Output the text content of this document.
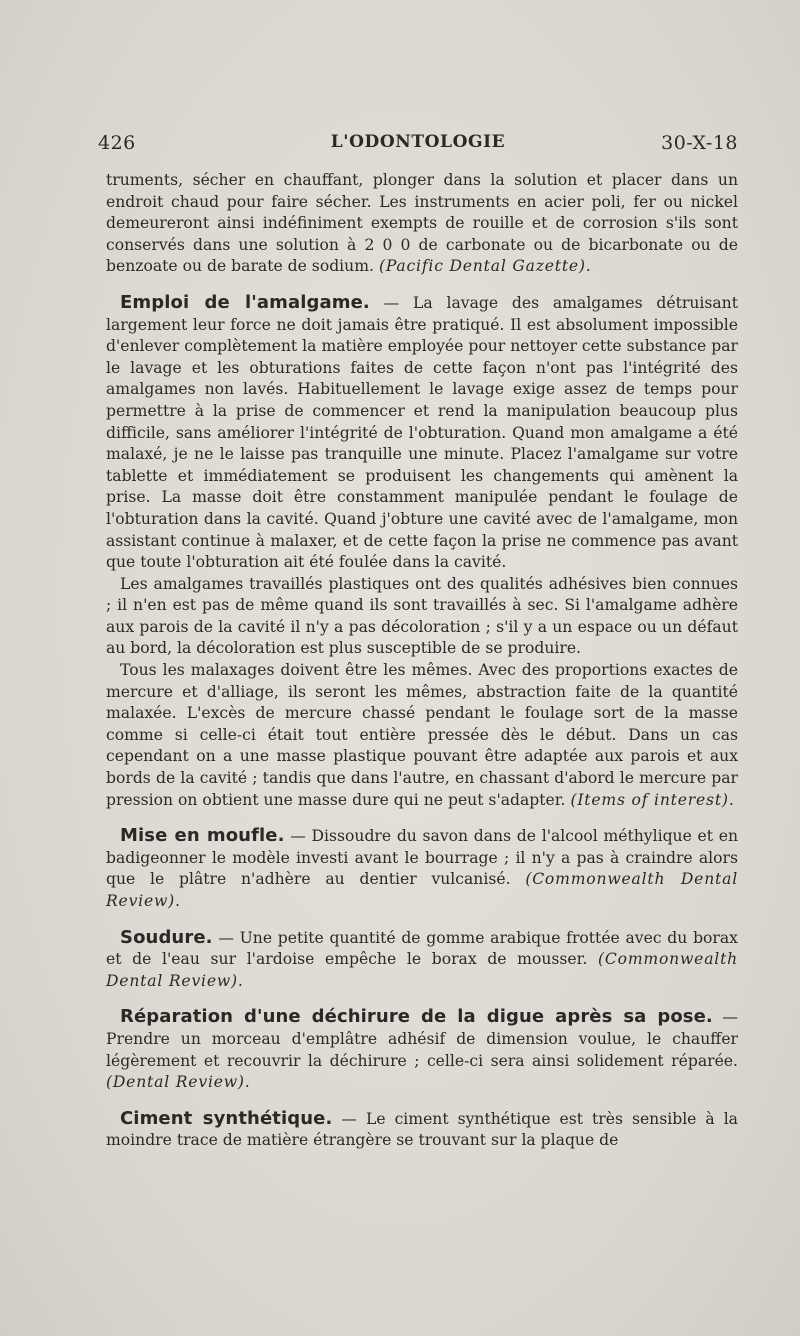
426	L'ODONTOLOGIE	30-X-18

truments, sécher en chauffant, plonger dans la solution et placer dans un endroit chaud pour faire sécher. Les instruments en acier poli, fer ou nickel demeureront ainsi indéfiniment exempts de rouille et de corrosion s'ils sont conservés dans une solution à 2 0 0 de carbonate ou de bicarbonate ou de benzoate ou de barate de sodium. (Pacific Dental Gazette).

Emploi de l'amalgame. — La lavage des amalgames détruisant largement leur force ne doit jamais être pratiqué. Il est absolument impossible d'enlever complètement la matière employée pour nettoyer cette substance par le lavage et les obturations faites de cette façon n'ont pas l'intégrité des amalgames non lavés. Habituellement le lavage exige assez de temps pour permettre à la prise de commencer et rend la manipulation beaucoup plus difficile, sans améliorer l'intégrité de l'obturation. Quand mon amalgame a été malaxé, je ne le laisse pas tranquille une minute. Placez l'amalgame sur votre tablette et immédiatement se produisent les changements qui amènent la prise. La masse doit être constamment manipulée pendant le foulage de l'obturation dans la cavité. Quand j'obture une cavité avec de l'amalgame, mon assistant continue à malaxer, et de cette façon la prise ne commence pas avant que toute l'obturation ait été foulée dans la cavité.

Les amalgames travaillés plastiques ont des qualités adhésives bien connues ; il n'en est pas de même quand ils sont travaillés à sec. Si l'amalgame adhère aux parois de la cavité il n'y a pas décoloration ; s'il y a un espace ou un défaut au bord, la décoloration est plus susceptible de se produire.

Tous les malaxages doivent être les mêmes. Avec des proportions exactes de mercure et d'alliage, ils seront les mêmes, abstraction faite de la quantité malaxée. L'excès de mercure chassé pendant le foulage sort de la masse comme si celle-ci était tout entière pressée dès le début. Dans un cas cependant on a une masse plastique pouvant être adaptée aux parois et aux bords de la cavité ; tandis que dans l'autre, en chassant d'abord le mercure par pression on obtient une masse dure qui ne peut s'adapter. (Items of interest).

Mise en moufle. — Dissoudre du savon dans de l'alcool méthylique et en badigeonner le modèle investi avant le bourrage ; il n'y a pas à craindre alors que le plâtre n'adhère au dentier vulcanisé. (Commonwealth Dental Review).

Soudure. — Une petite quantité de gomme arabique frottée avec du borax et de l'eau sur l'ardoise empêche le borax de mousser. (Commonwealth Dental Review).

Réparation d'une déchirure de la digue après sa pose. — Prendre un morceau d'emplâtre adhésif de dimension voulue, le chauffer légèrement et recouvrir la déchirure ; celle-ci sera ainsi solidement réparée. (Dental Review).

Ciment synthétique. — Le ciment synthétique est très sensible à la moindre trace de matière étrangère se trouvant sur la plaque de
